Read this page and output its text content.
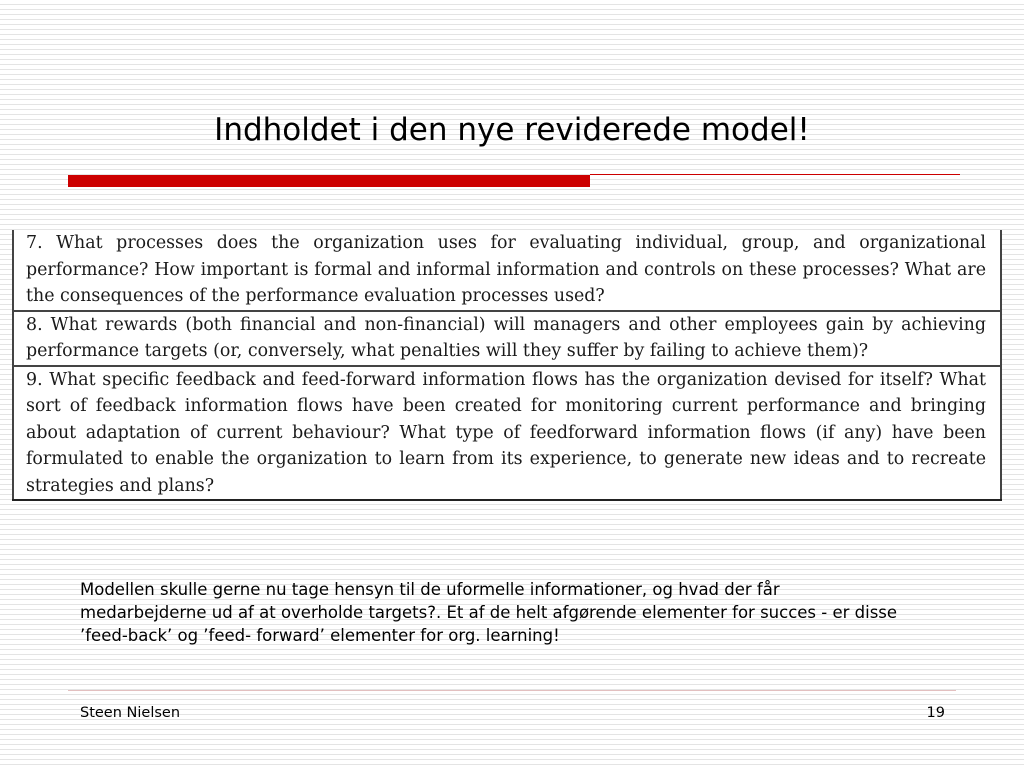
Indholdet i den nye reviderede model!
7. What processes does the organization uses for evaluating individual, group, and organizational performance? How important is formal and informal information and controls on these processes? What are the consequences of the performance evaluation processes used?
8. What rewards (both financial and non-financial) will managers and other employees gain by achieving performance targets (or, conversely, what penalties will they suffer by failing to achieve them)?
9. What specific feedback and feed-forward information flows has the organization devised for itself? What sort of feedback information flows have been created for monitoring current performance and bringing about adaptation of current behaviour? What type of feedforward information flows (if any) have been formulated to enable the organization to learn from its experience, to generate new ideas and to recreate strategies and plans?

Modellen skulle gerne nu tage hensyn til de uformelle informationer, og hvad der får medarbejderne ud af at overholde targets?. Et af de helt afgørende elementer for succes - er disse ’feed-back’ og ’feed- forward’ elementer for org. learning!

Steen Nielsen	19
